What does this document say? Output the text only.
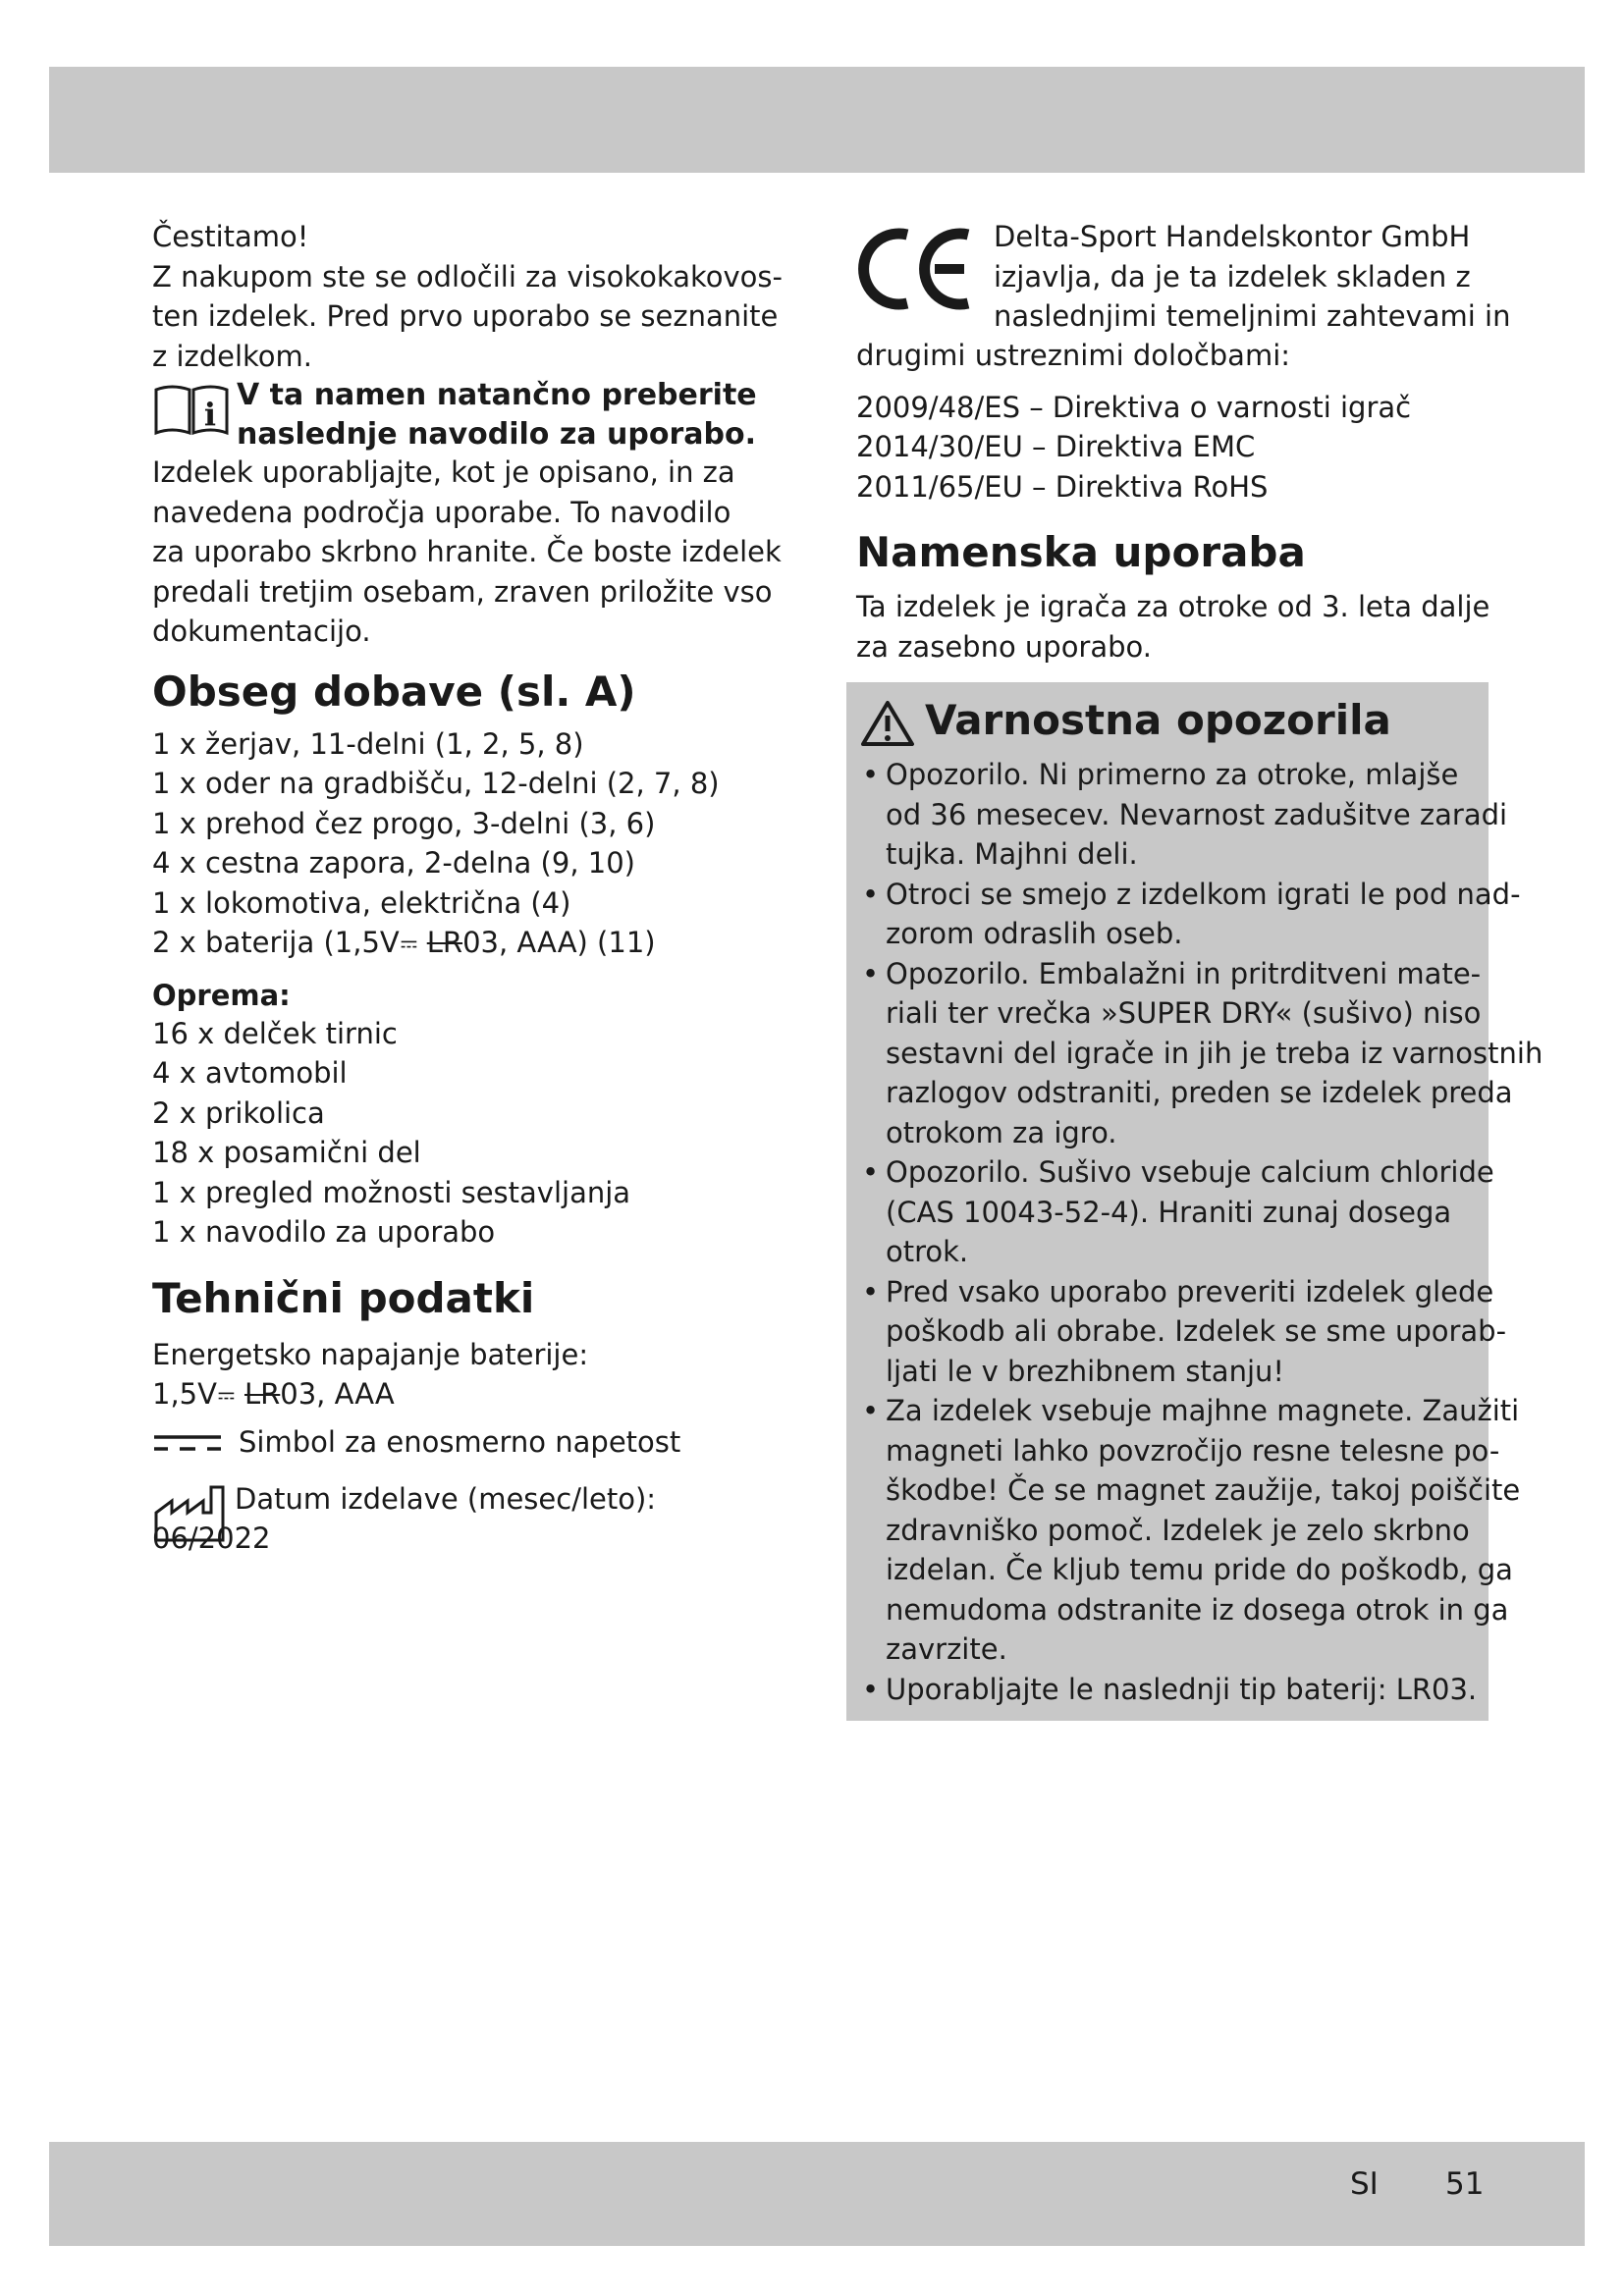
Čestitamo!
Z nakupom ste se odločili za visokokakovos-
ten izdelek. Pred prvo uporabo se seznanite
z izdelkom.
i
V ta namen natančno preberite
naslednje navodilo za uporabo.
Izdelek uporabljajte, kot je opisano, in za
navedena področja uporabe. To navodilo
za uporabo skrbno hranite. Če boste izdelek
predali tretjim osebam, zraven priložite vso
dokumentacijo.
Obseg dobave (sl. A)
1 x žerjav, 11-delni (1, 2, 5, 8)
1 x oder na gradbišču, 12-delni (2, 7, 8)
1 x prehod čez progo, 3-delni (3, 6)
4 x cestna zapora, 2-delna (9, 10)
1 x lokomotiva, električna (4)
2 x baterija (1,5V LR03, AAA) (11)
Oprema:
16 x delček tirnic
4 x avtomobil
2 x prikolica
18 x posamični del
1 x pregled možnosti sestavljanja
1 x navodilo za uporabo
Tehnični podatki
Energetsko napajanje baterije:
1,5V LR03, AAA
Simbol za enosmerno napetost
Datum izdelave (mesec/leto):
06/2022
Delta-Sport Handelskontor GmbH
izjavlja, da je ta izdelek skladen z
naslednjimi temeljnimi zahtevami in
drugimi ustreznimi določbami:
2009/48/ES – Direktiva o varnosti igrač
2014/30/EU – Direktiva EMC
2011/65/EU – Direktiva RoHS
Namenska uporaba
Ta izdelek je igrača za otroke od 3. leta dalje
za zasebno uporabo.
Varnostna opozorila
• Opozorilo. Ni primerno za otroke, mlajše
od 36 mesecev. Nevarnost zadušitve zaradi
tujka. Majhni deli.
• Otroci se smejo z izdelkom igrati le pod nad-
zorom odraslih oseb.
• Opozorilo. Embalažni in pritrditveni mate-
riali ter vrečka »SUPER DRY« (sušivo) niso
sestavni del igrače in jih je treba iz varnostnih
razlogov odstraniti, preden se izdelek preda
otrokom za igro.
• Opozorilo. Sušivo vsebuje calcium chloride
(CAS 10043-52-4). Hraniti zunaj dosega
otrok.
• Pred vsako uporabo preveriti izdelek glede
poškodb ali obrabe. Izdelek se sme uporab-
ljati le v brezhibnem stanju!
• Za izdelek vsebuje majhne magnete. Zaužiti
magneti lahko povzročijo resne telesne po-
škodbe! Če se magnet zaužije, takoj poiščite
zdravniško pomoč. Izdelek je zelo skrbno
izdelan. Če kljub temu pride do poškodb, ga
nemudoma odstranite iz dosega otrok in ga
zavrzite.
• Uporabljajte le naslednji tip baterij: LR03.
SI 51
